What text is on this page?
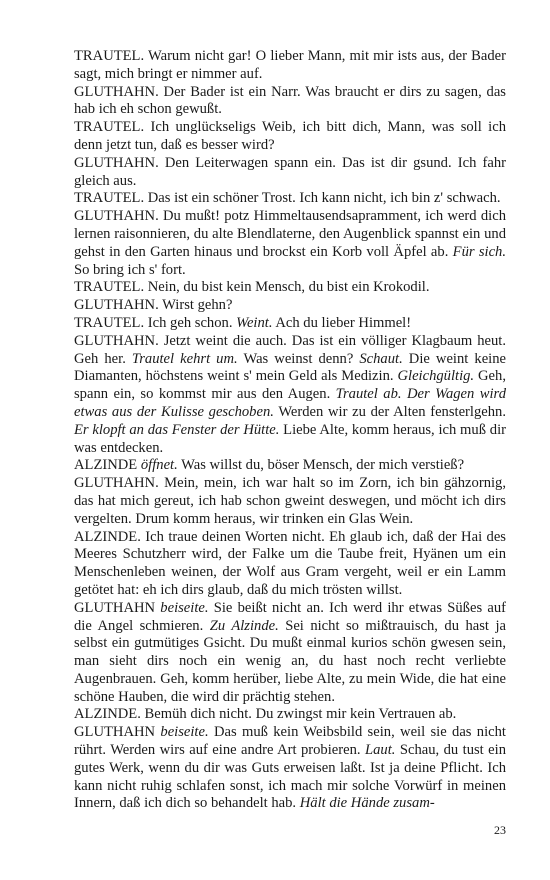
TRAUTEL. Warum nicht gar! O lieber Mann, mit mir ists aus, der Bader sagt, mich bringt er nimmer auf.

GLUTHAHN. Der Bader ist ein Narr. Was braucht er dirs zu sagen, das hab ich eh schon gewußt.

TRAUTEL. Ich unglückseligs Weib, ich bitt dich, Mann, was soll ich denn jetzt tun, daß es besser wird?

GLUTHAHN. Den Leiterwagen spann ein. Das ist dir gsund. Ich fahr gleich aus.

TRAUTEL. Das ist ein schöner Trost. Ich kann nicht, ich bin z' schwach.

GLUTHAHN. Du mußt! potz Himmeltausendsapramment, ich werd dich lernen raisonnieren, du alte Blendlaterne, den Augenblick spannst ein und gehst in den Garten hinaus und brockst ein Korb voll Äpfel ab. Für sich. So bring ich s' fort.

TRAUTEL. Nein, du bist kein Mensch, du bist ein Krokodil.

GLUTHAHN. Wirst gehn?

TRAUTEL. Ich geh schon. Weint. Ach du lieber Himmel!

GLUTHAHN. Jetzt weint die auch. Das ist ein völliger Klagbaum heut. Geh her. Trautel kehrt um. Was weinst denn? Schaut. Die weint keine Diamanten, höchstens weint s' mein Geld als Medizin. Gleichgültig. Geh, spann ein, so kommst mir aus den Augen. Trautel ab. Der Wagen wird etwas aus der Kulisse geschoben. Werden wir zu der Alten fensterlgehn. Er klopft an das Fenster der Hütte. Liebe Alte, komm heraus, ich muß dir was entdecken.

ALZINDE öffnet. Was willst du, böser Mensch, der mich verstieß?

GLUTHAHN. Mein, mein, ich war halt so im Zorn, ich bin gähzornig, das hat mich gereut, ich hab schon gweint deswegen, und möcht ich dirs vergelten. Drum komm heraus, wir trinken ein Glas Wein.

ALZINDE. Ich traue deinen Worten nicht. Eh glaub ich, daß der Hai des Meeres Schutzherr wird, der Falke um die Taube freit, Hyänen um ein Menschenleben weinen, der Wolf aus Gram vergeht, weil er ein Lamm getötet hat: eh ich dirs glaub, daß du mich trösten willst.

GLUTHAHN beiseite. Sie beißt nicht an. Ich werd ihr etwas Süßes auf die Angel schmieren. Zu Alzinde. Sei nicht so mißtrauisch, du hast ja selbst ein gutmütiges Gsicht. Du mußt einmal kurios schön gwesen sein, man sieht dirs noch ein wenig an, du hast noch recht verliebte Augenbrauen. Geh, komm herüber, liebe Alte, zu mein Wide, die hat eine schöne Hauben, die wird dir prächtig stehen.

ALZINDE. Bemüh dich nicht. Du zwingst mir kein Vertrauen ab.

GLUTHAHN beiseite. Das muß kein Weibsbild sein, weil sie das nicht rührt. Werden wirs auf eine andre Art probieren. Laut. Schau, du tust ein gutes Werk, wenn du dir was Guts erweisen laßt. Ist ja deine Pflicht. Ich kann nicht ruhig schlafen sonst, ich mach mir solche Vorwürf in meinen Innern, daß ich dich so behandelt hab. Hält die Hände zusam-

23
